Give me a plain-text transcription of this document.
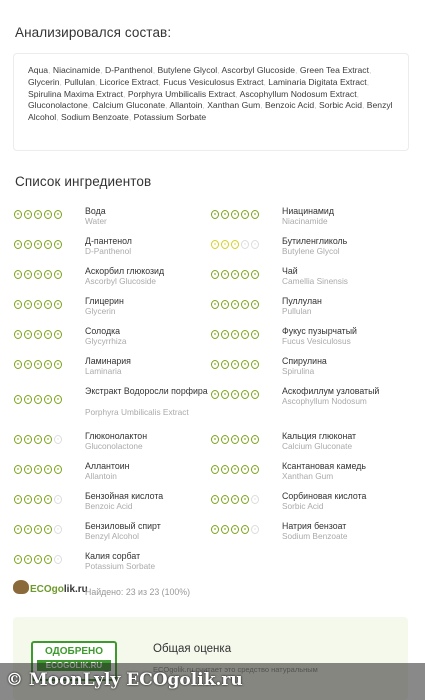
Анализировался состав:
Aqua, Niacinamide, D-Panthenol, Butylene Glycol, Ascorbyl Glucoside, Green Tea Extract, Glycerin, Pullulan, Licorice Extract, Fucus Vesiculosus Extract, Laminaria Digitata Extract, Spirulina Maxima Extract, Porphyra Umbilicalis Extract, Ascophyllum Nodosum Extract, Gluconolactone, Calcium Gluconate, Allantoin, Xanthan Gum, Benzoic Acid, Sorbic Acid, Benzyl Alcohol, Sodium Benzoate, Potassium Sorbate
Список ингредиентов
Вода
Water
Ниацинамид
Niacinamide
Д-пантенол
D-Panthenol
Бутиленгликоль
Butylene Glycol
Аскорбил глюкозид
Ascorbyl Glucoside
Чай
Camellia Sinensis
Глицерин
Glycerin
Пуллулан
Pullulan
Солодка
Glycyrrhiza
Фукус пузырчатый
Fucus Vesiculosus
Ламинария
Laminaria
Спирулина
Spirulina
Экстракт Водоросли порфира
Porphyra Umbilicalis Extract
Аскофиллум узловатый
Ascophyllum Nodosum
Глюконолактон
Gluconolactone
Кальция глюконат
Calcium Gluconate
Аллантоин
Allantoin
Ксантановая камедь
Xanthan Gum
Бензойная кислота
Benzoic Acid
Сорбиновая кислота
Sorbic Acid
Бензиловый спирт
Benzyl Alcohol
Натрия бензоат
Sodium Benzoate
Калия сорбат
Potassium Sorbate
ECOgolik.ru
Найдено: 23 из 23 (100%)
ОДОБРЕНО	Общая оценка
© MoonLyly ECOgolik.ru
